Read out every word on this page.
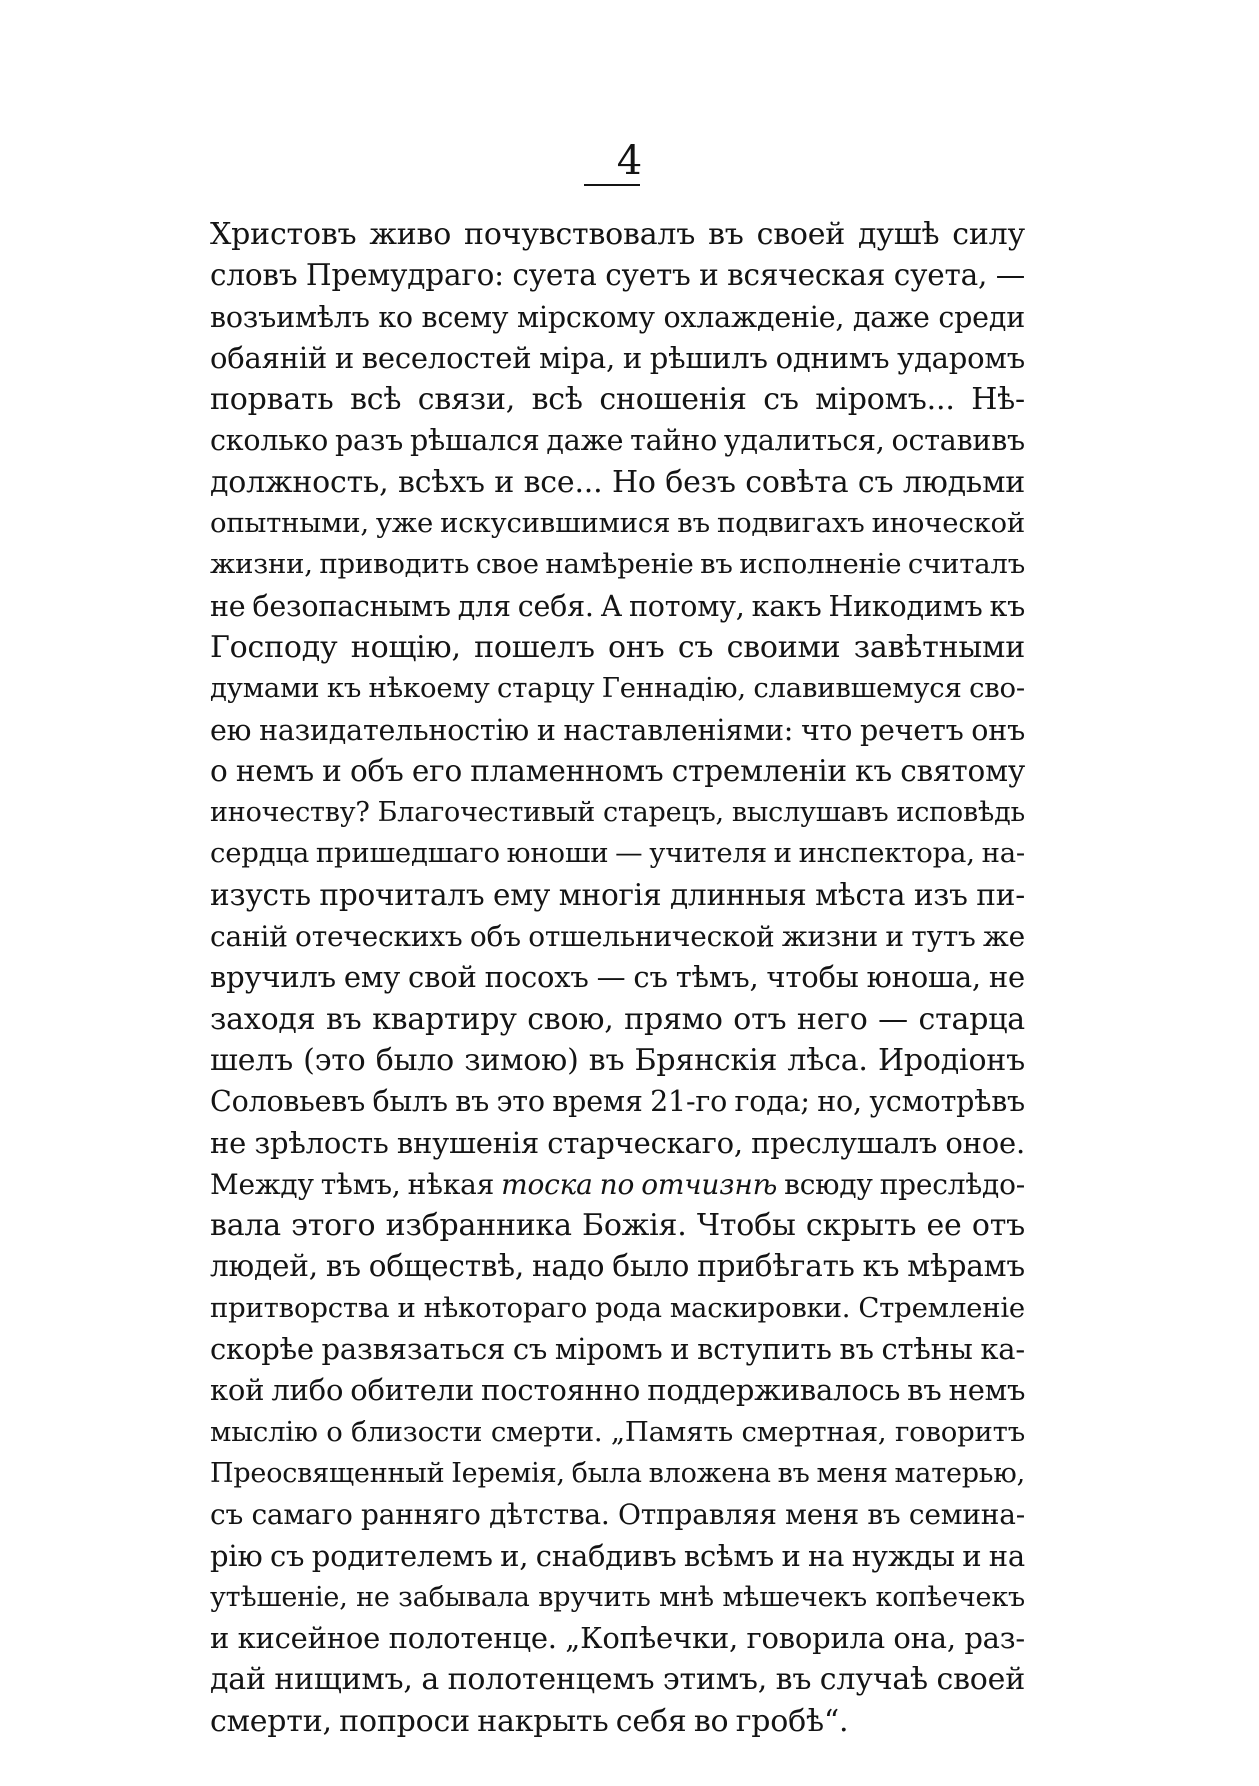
4
Христовъ живо почувствовалъ въ своей душѣ силу
словъ Премудраго: суета суетъ и всяческая суета, —
возъимѣлъ ко всему мірскому охлажденіе, даже среди
обаяній и веселостей міра, и рѣшилъ однимъ ударомъ
порвать всѣ связи, всѣ сношенія съ міромъ... Нѣ-
сколько разъ рѣшался даже тайно удалиться, оставивъ
должность, всѣхъ и все... Но безъ совѣта съ людьми
опытными, уже искусившимися въ подвигахъ иноческой
жизни, приводить свое намѣреніе въ исполненіе считалъ
не безопаснымъ для себя. А потому, какъ Никодимъ къ
Господу нощію, пошелъ онъ съ своими завѣтными
думами къ нѣкоему старцу Геннадію, славившемуся сво-
ею назидательностію и наставленіями: что речетъ онъ
о немъ и объ его пламенномъ стремленіи къ святому
иночеству? Благочестивый старецъ, выслушавъ исповѣдь
сердца пришедшаго юноши — учителя и инспектора, на-
изусть прочиталъ ему многія длинныя мѣста изъ пи-
саній отеческихъ объ отшельнической жизни и тутъ же
вручилъ ему свой посохъ — съ тѣмъ, чтобы юноша, не
заходя въ квартиру свою, прямо отъ него — старца
шелъ (это было зимою) въ Брянскія лѣса. Иродіонъ
Соловьевъ былъ въ это время 21-го года; но, усмотрѣвъ
не зрѣлость внушенія старческаго, преслушалъ оное.
Между тѣмъ, нѣкая тоска по отчизнѣ всюду преслѣдо-
вала этого избранника Божія. Чтобы скрыть ее отъ
людей, въ обществѣ, надо было прибѣгать къ мѣрамъ
притворства и нѣкотораго рода маскировки. Стремленіе
скорѣе развязаться съ міромъ и вступить въ стѣны ка-
кой либо обители постоянно поддерживалось въ немъ
мыслію о близости смерти. „Память смертная, говоритъ
Преосвященный Іеремія, была вложена въ меня матерью,
съ самаго ранняго дѣтства. Отправляя меня въ семина-
рію съ родителемъ и, снабдивъ всѣмъ и на нужды и на
утѣшеніе, не забывала вручить мнѣ мѣшечекъ копѣечекъ
и кисейное полотенце. „Копѣечки, говорила она, раз-
дай нищимъ, а полотенцемъ этимъ, въ случаѣ своей
смерти, попроси накрыть себя во гробѣ“.
